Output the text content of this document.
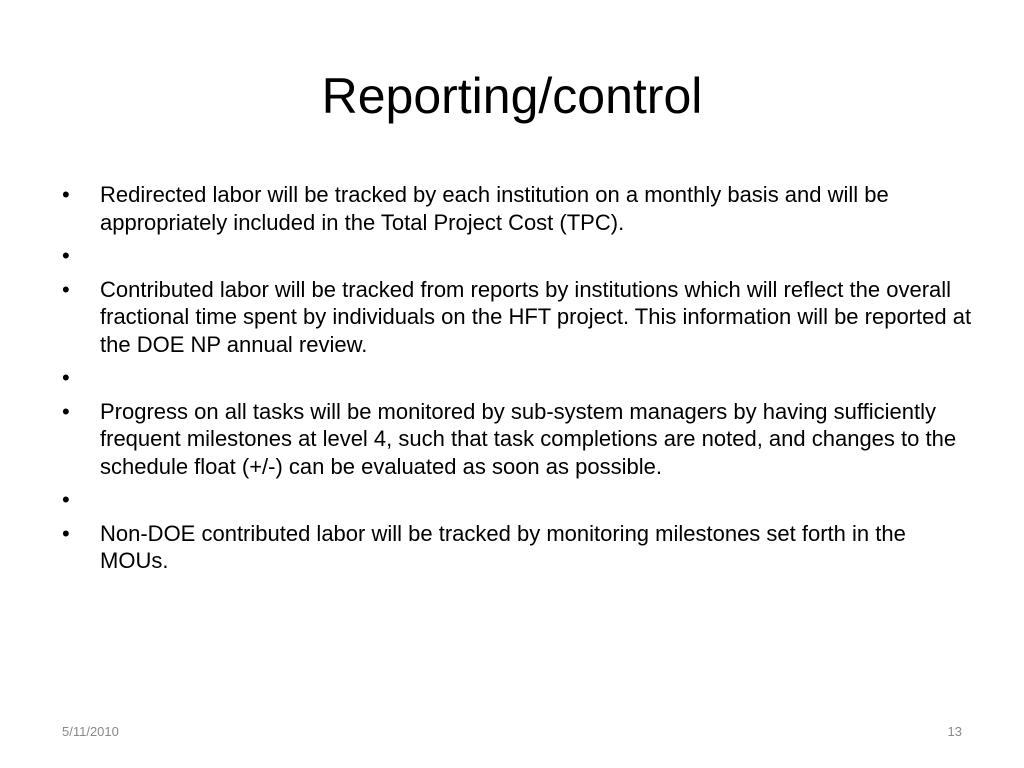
Reporting/control
•	Redirected labor will be tracked by each institution on a monthly basis and will be appropriately included in the Total Project Cost (TPC).
•
•	Contributed labor will be tracked from reports by institutions which will reflect the overall fractional time spent by individuals on the HFT project. This information will be reported at the DOE NP annual review.
•
•	Progress on all tasks will be monitored by sub-system managers by having sufficiently frequent milestones at level 4, such that task completions are noted, and changes to the schedule float (+/-) can be evaluated as soon as possible.
•
•	Non-DOE contributed labor will be tracked by monitoring milestones set forth in the MOUs.
5/11/2010	13
